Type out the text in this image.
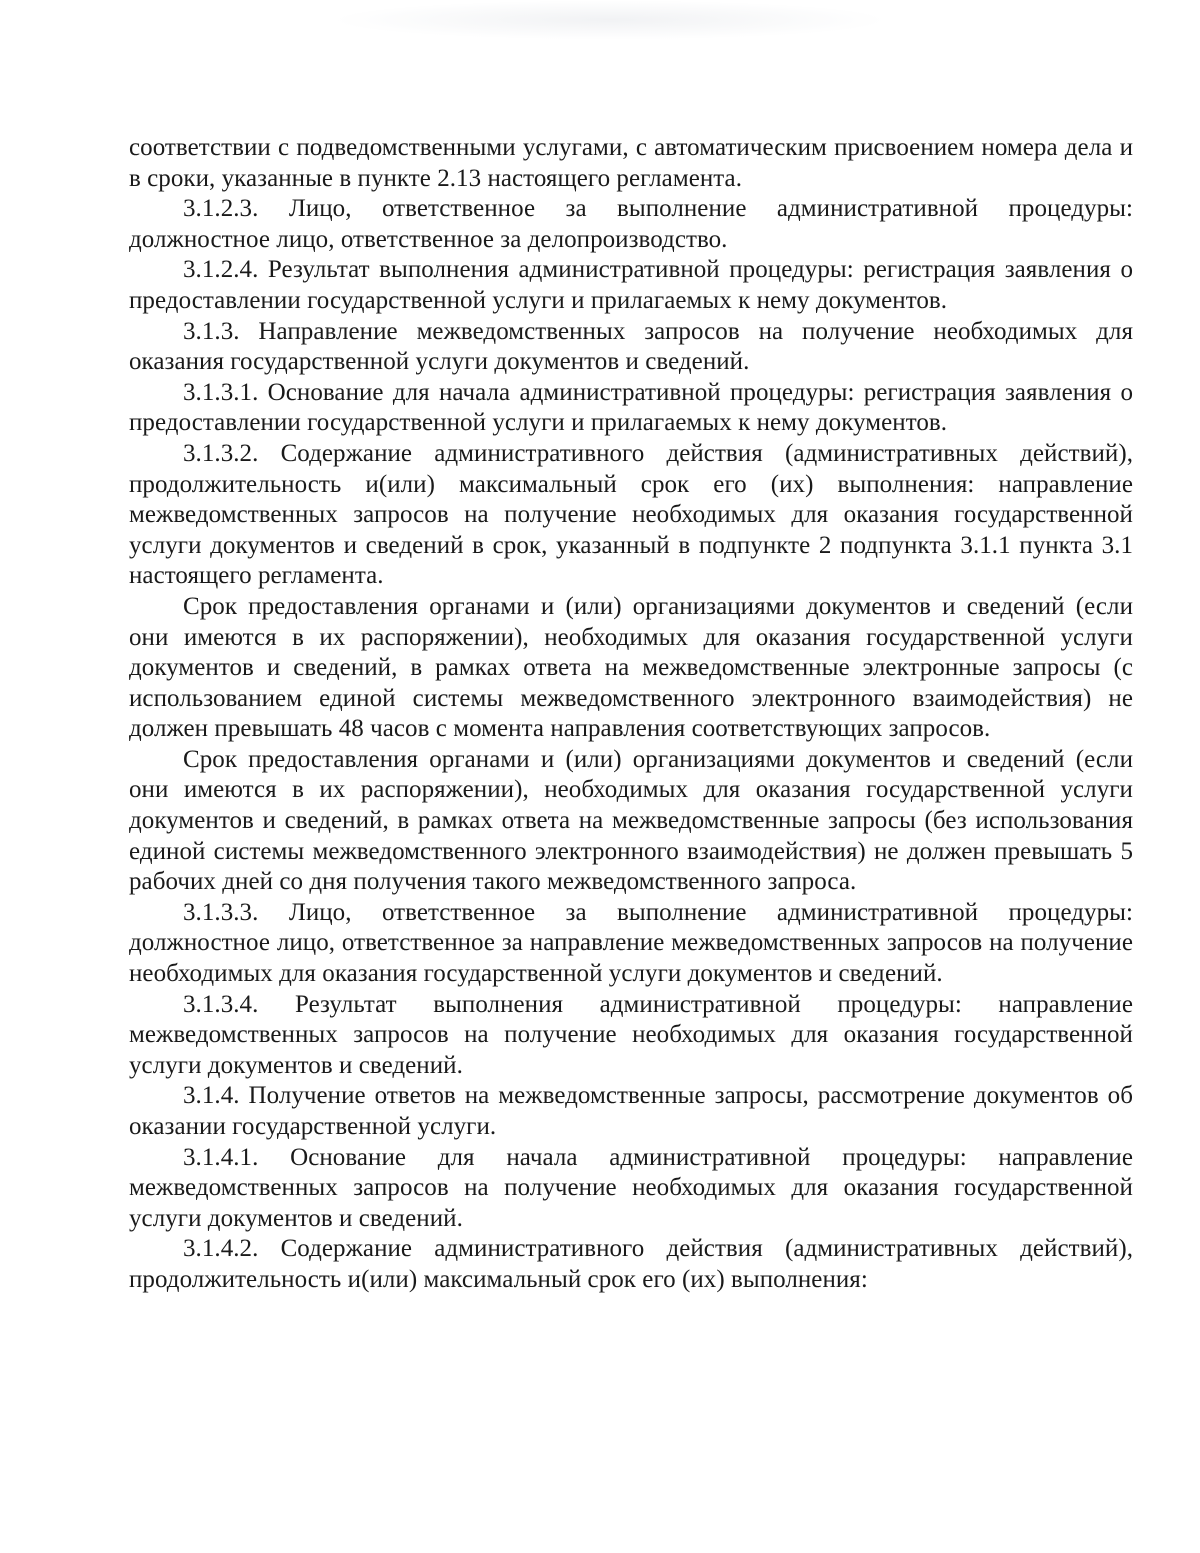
соответствии с подведомственными услугами, с автоматическим присвоением номера дела и в сроки, указанные в пункте 2.13 настоящего регламента.

3.1.2.3. Лицо, ответственное за выполнение административной процедуры: должностное лицо, ответственное за делопроизводство.

3.1.2.4. Результат выполнения административной процедуры: регистрация заявления о предоставлении государственной услуги и прилагаемых к нему документов.

3.1.3. Направление межведомственных запросов на получение необходимых для оказания государственной услуги документов и сведений.

3.1.3.1. Основание для начала административной процедуры: регистрация заявления о предоставлении государственной услуги и прилагаемых к нему документов.

3.1.3.2. Содержание административного действия (административных действий), продолжительность и(или) максимальный срок его (их) выполнения: направление межведомственных запросов на получение необходимых для оказания государственной услуги документов и сведений в срок, указанный в подпункте 2 подпункта 3.1.1 пункта 3.1 настоящего регламента.

Срок предоставления органами и (или) организациями документов и сведений (если они имеются в их распоряжении), необходимых для оказания государственной услуги документов и сведений, в рамках ответа на межведомственные электронные запросы (с использованием единой системы межведомственного электронного взаимодействия) не должен превышать 48 часов с момента направления соответствующих запросов.

Срок предоставления органами и (или) организациями документов и сведений (если они имеются в их распоряжении), необходимых для оказания государственной услуги документов и сведений, в рамках ответа на межведомственные запросы (без использования единой системы межведомственного электронного взаимодействия) не должен превышать 5 рабочих дней со дня получения такого межведомственного запроса.

3.1.3.3. Лицо, ответственное за выполнение административной процедуры: должностное лицо, ответственное за направление межведомственных запросов на получение необходимых для оказания государственной услуги документов и сведений.

3.1.3.4. Результат выполнения административной процедуры: направление межведомственных запросов на получение необходимых для оказания государственной услуги документов и сведений.

3.1.4. Получение ответов на межведомственные запросы, рассмотрение документов об оказании государственной услуги.

3.1.4.1. Основание для начала административной процедуры: направление межведомственных запросов на получение необходимых для оказания государственной услуги документов и сведений.

3.1.4.2. Содержание административного действия (административных действий), продолжительность и(или) максимальный срок его (их) выполнения:
